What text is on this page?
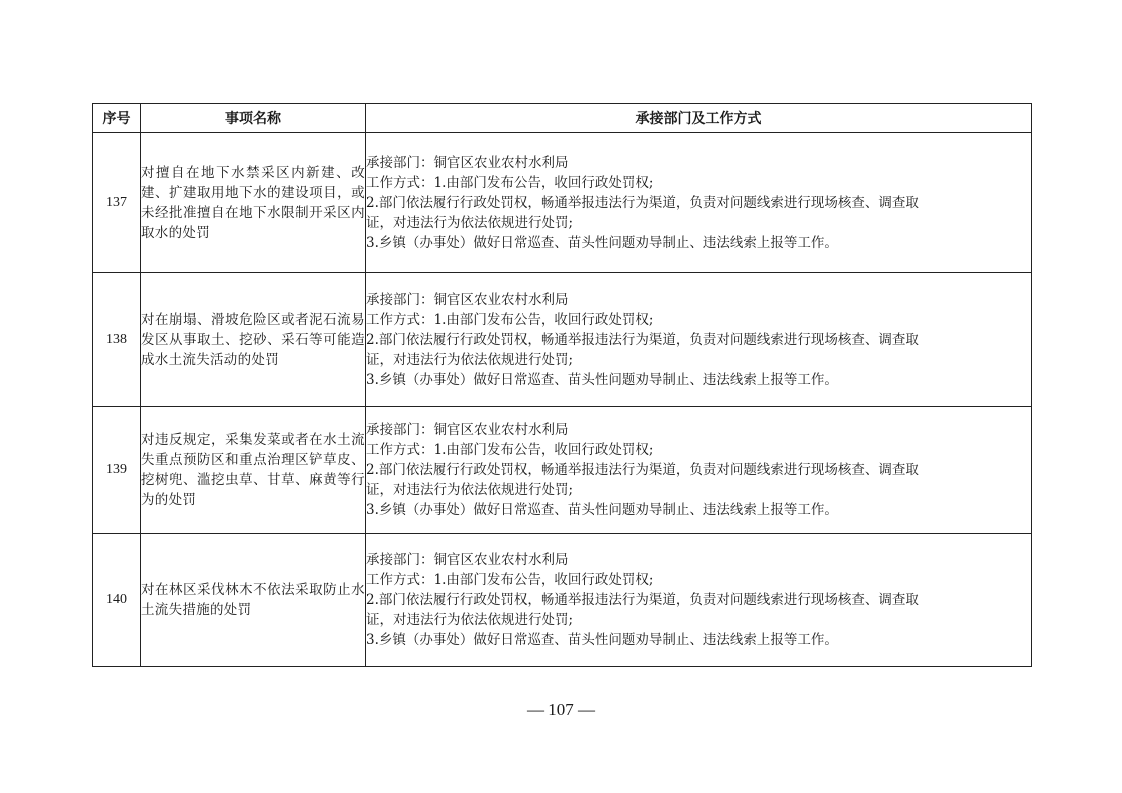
序号	事项名称	承接部门及工作方式
137	对擅自在地下水禁采区内新建、改建、扩建取用地下水的建设项目，或未经批准擅自在地下水限制开采区内取水的处罚	承接部门：铜官区农业农村水利局
工作方式：1.由部门发布公告，收回行政处罚权;
2.部门依法履行行政处罚权，畅通举报违法行为渠道，负责对问题线索进行现场核查、调查取
证，对违法行为依法依规进行处罚;
3.乡镇（办事处）做好日常巡查、苗头性问题劝导制止、违法线索上报等工作。

138	对在崩塌、滑坡危险区或者泥石流易发区从事取土、挖砂、采石等可能造成水土流失活动的处罚	承接部门：铜官区农业农村水利局
工作方式：1.由部门发布公告，收回行政处罚权;
2.部门依法履行行政处罚权，畅通举报违法行为渠道，负责对问题线索进行现场核查、调查取
证，对违法行为依法依规进行处罚;
3.乡镇（办事处）做好日常巡查、苗头性问题劝导制止、违法线索上报等工作。

139	对违反规定，采集发菜或者在水土流失重点预防区和重点治理区铲草皮、挖树兜、滥挖虫草、甘草、麻黄等行为的处罚	承接部门：铜官区农业农村水利局
工作方式：1.由部门发布公告，收回行政处罚权;
2.部门依法履行行政处罚权，畅通举报违法行为渠道，负责对问题线索进行现场核查、调查取
证，对违法行为依法依规进行处罚;
3.乡镇（办事处）做好日常巡查、苗头性问题劝导制止、违法线索上报等工作。

140	对在林区采伐林木不依法采取防止水土流失措施的处罚	承接部门：铜官区农业农村水利局
工作方式：1.由部门发布公告，收回行政处罚权;
2.部门依法履行行政处罚权，畅通举报违法行为渠道，负责对问题线索进行现场核查、调查取
证，对违法行为依法依规进行处罚;
3.乡镇（办事处）做好日常巡查、苗头性问题劝导制止、违法线索上报等工作。
— 107 —
